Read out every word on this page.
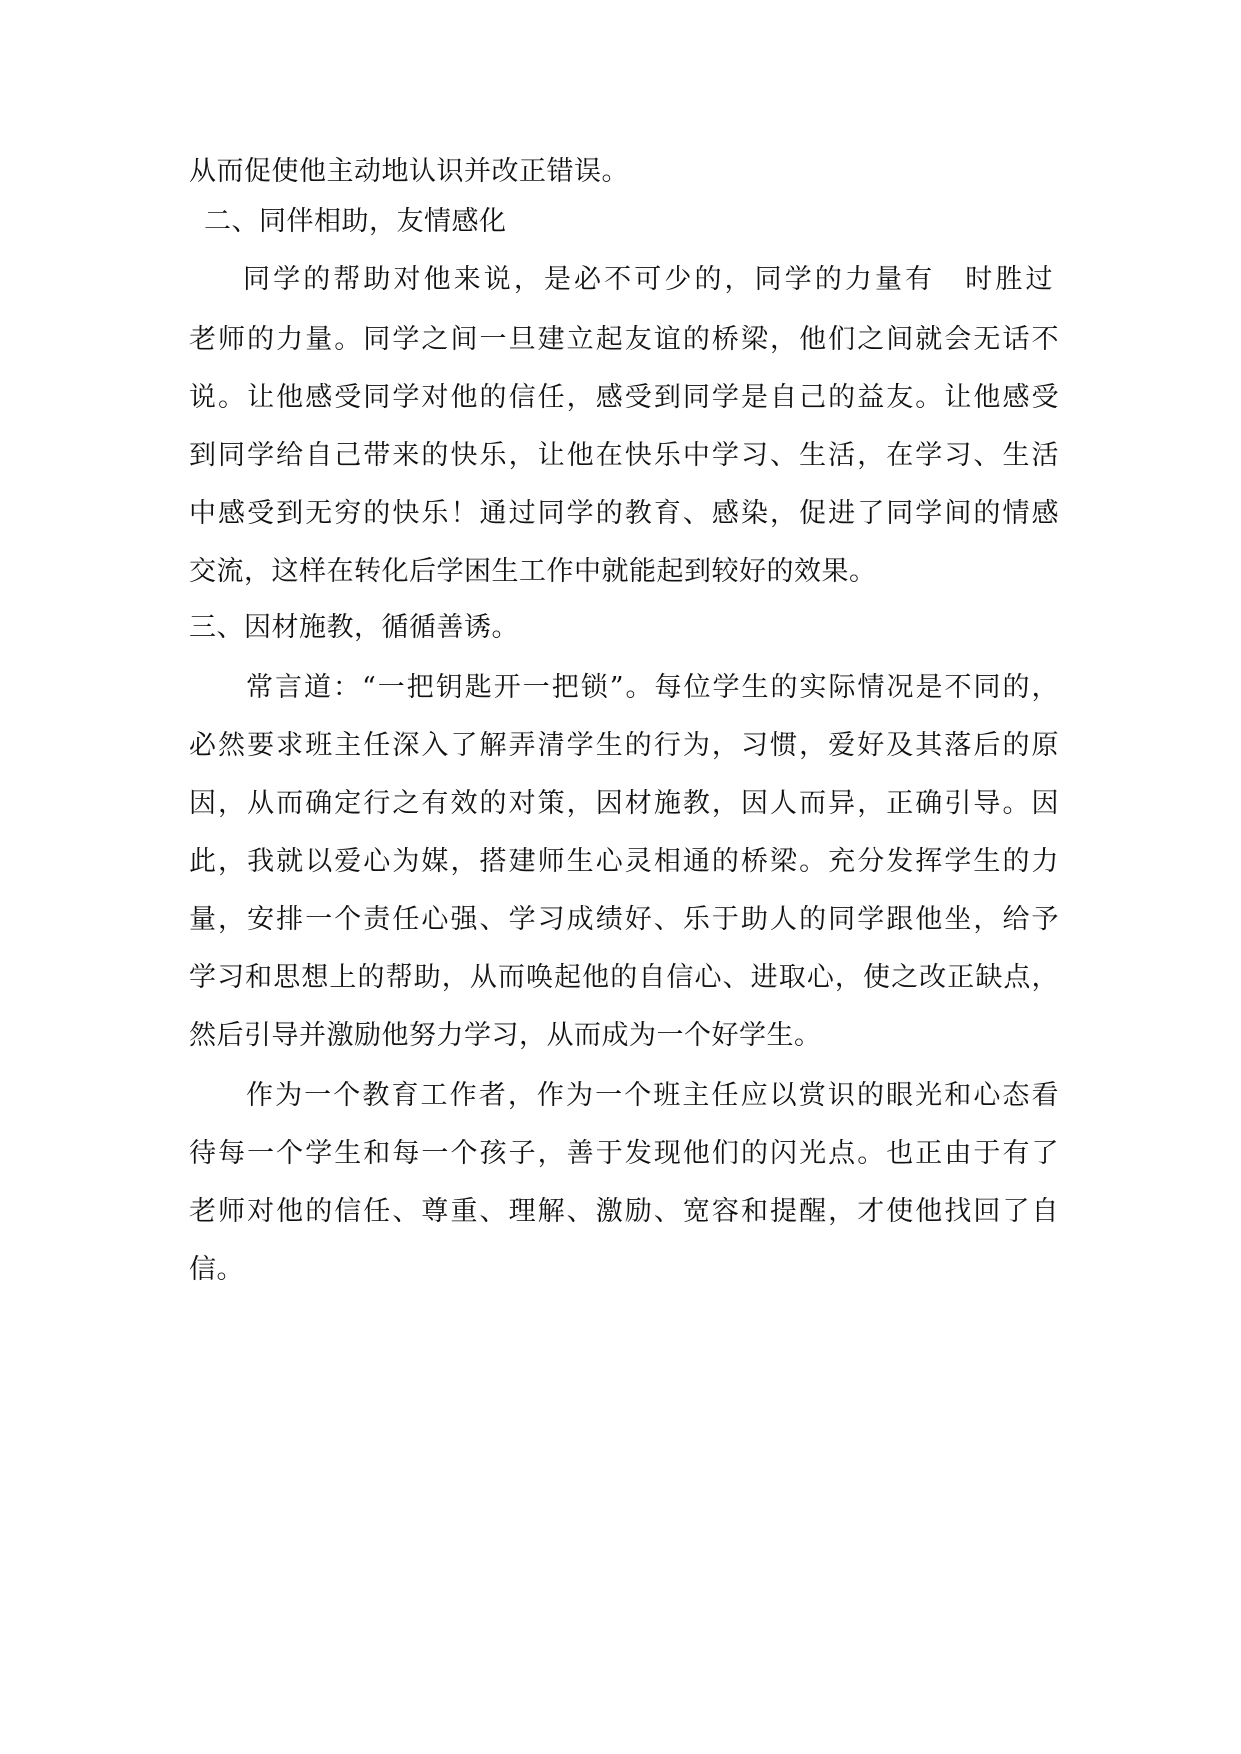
从而促使他主动地认识并改正错误。
二、同伴相助，友情感化
同学的帮助对他来说，是必不可少的，同学的力量有　时胜过
老师的力量。同学之间一旦建立起友谊的桥梁，他们之间就会无话不
说。让他感受同学对他的信任，感受到同学是自己的益友。让他感受
到同学给自己带来的快乐，让他在快乐中学习、生活，在学习、生活
中感受到无穷的快乐！通过同学的教育、感染，促进了同学间的情感
交流，这样在转化后学困生工作中就能起到较好的效果。
三、因材施教，循循善诱。
常言道：“一把钥匙开一把锁”。每位学生的实际情况是不同的，
必然要求班主任深入了解弄清学生的行为，习惯，爱好及其落后的原
因，从而确定行之有效的对策，因材施教，因人而异，正确引导。因
此，我就以爱心为媒，搭建师生心灵相通的桥梁。充分发挥学生的力
量，安排一个责任心强、学习成绩好、乐于助人的同学跟他坐，给予
学习和思想上的帮助，从而唤起他的自信心、进取心，使之改正缺点，
然后引导并激励他努力学习，从而成为一个好学生。
作为一个教育工作者，作为一个班主任应以赏识的眼光和心态看
待每一个学生和每一个孩子，善于发现他们的闪光点。也正由于有了
老师对他的信任、尊重、理解、激励、宽容和提醒，才使他找回了自
信。
